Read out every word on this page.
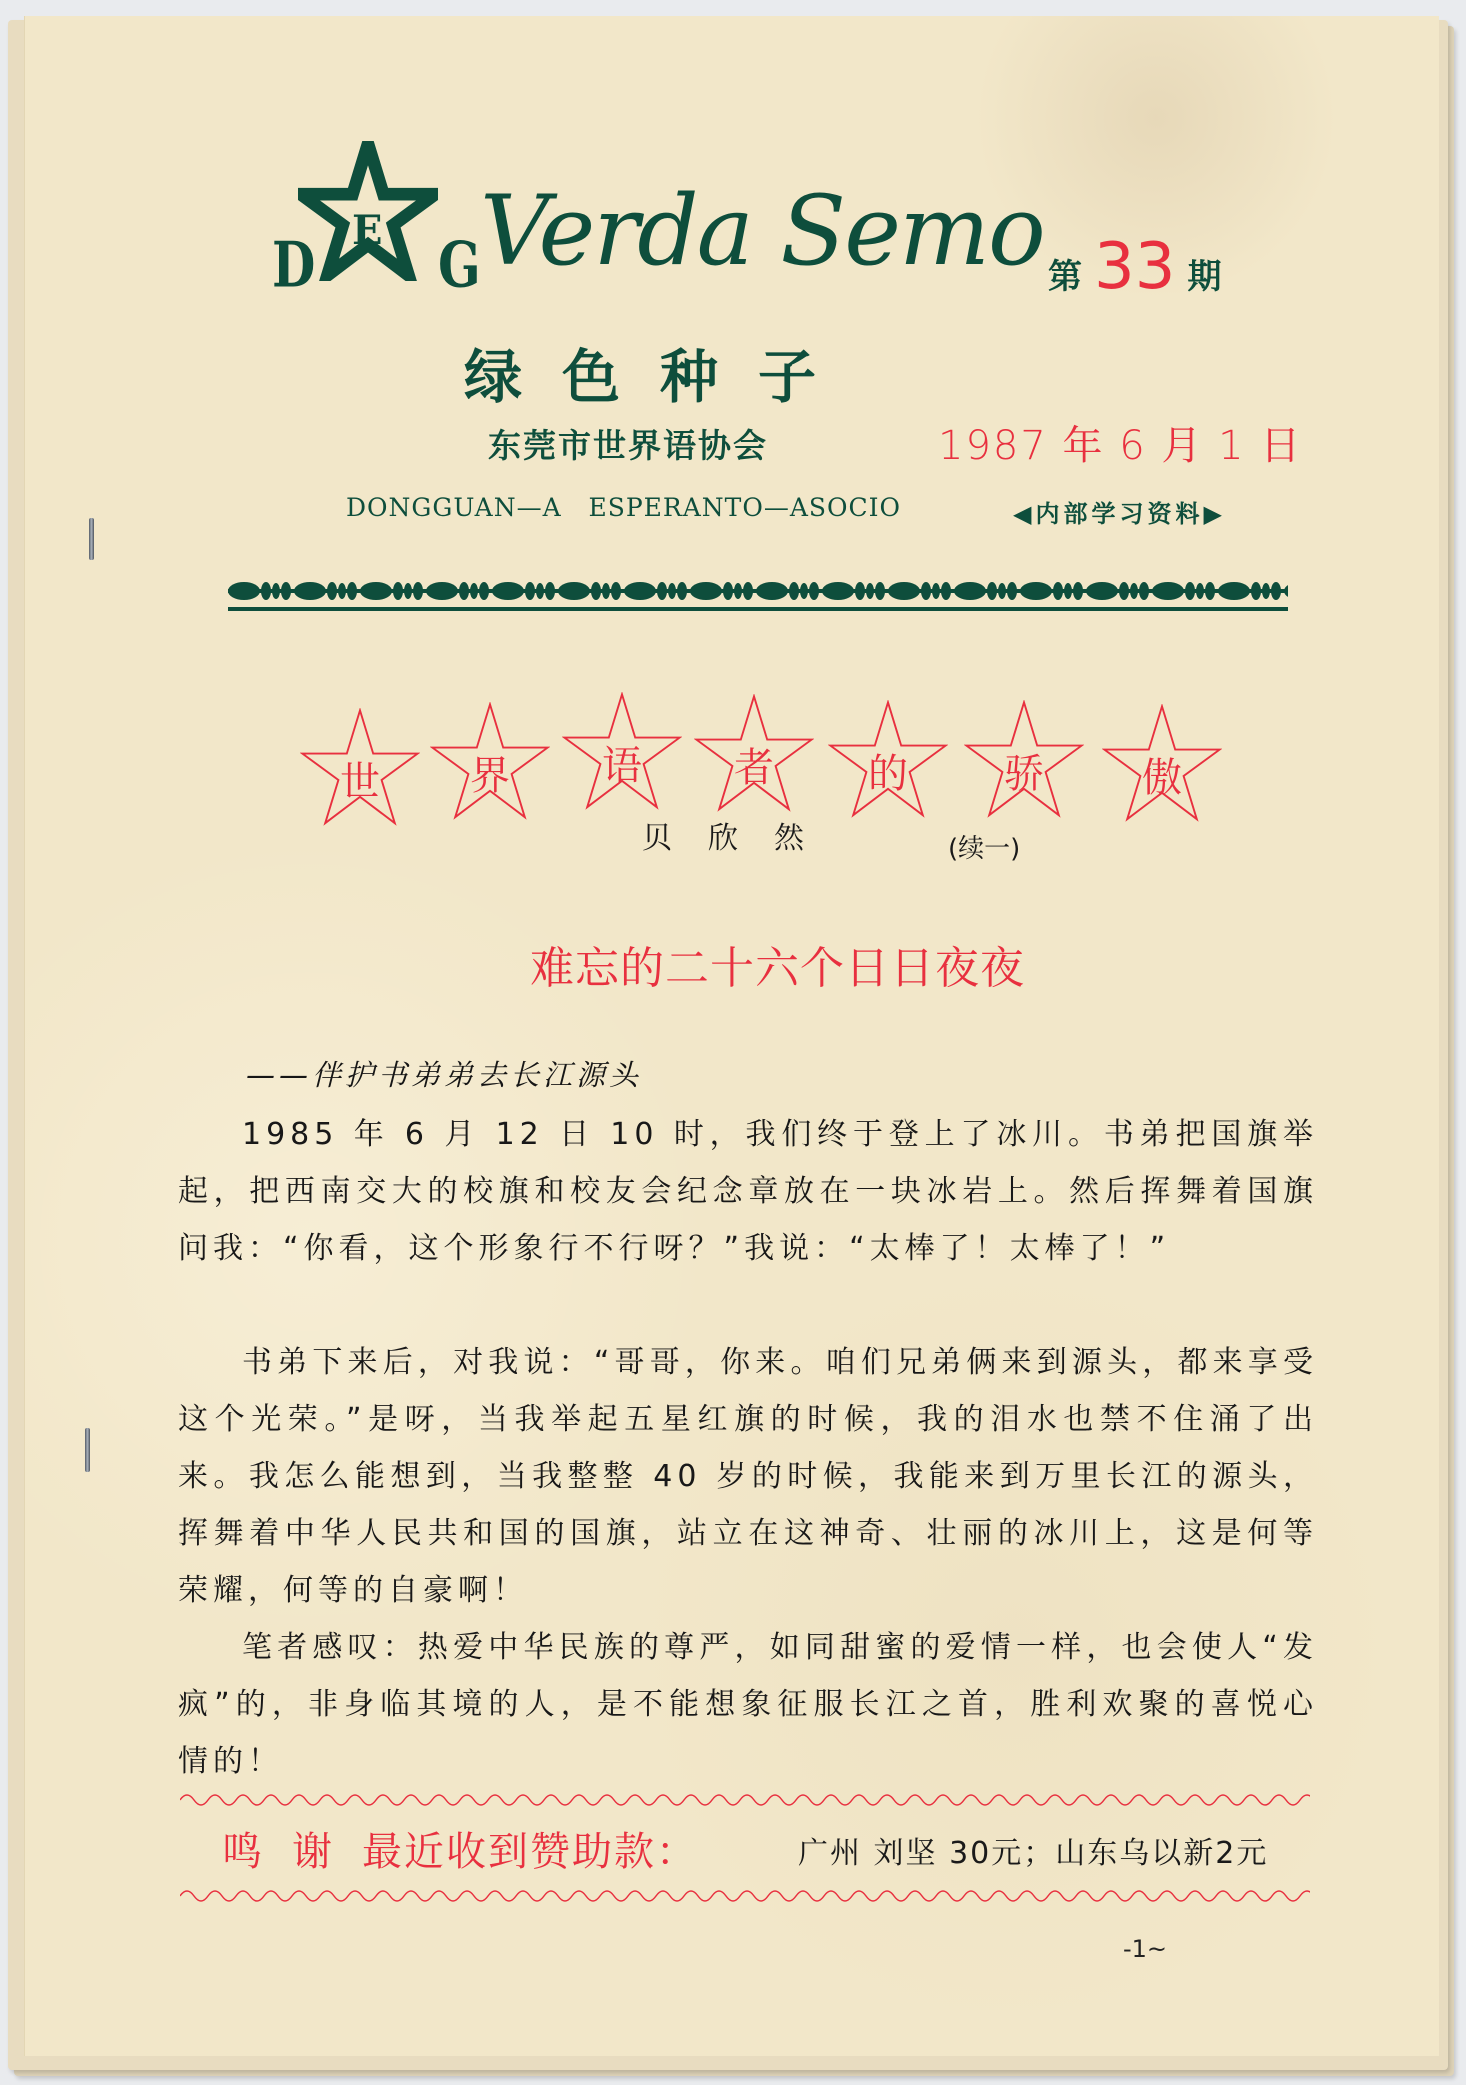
D E G Verda Semo
绿色种子
第 33 期
东莞市世界语协会	1987 年 6 月 1 日
DONGGUAN—A   ESPERANTO—ASOCIO	◀内部学习资料▶
世	界	语	者	的	骄	傲
贝欣然	(续一)
难忘的二十六个日日夜夜
——伴护书弟弟去长江源头

1985 年 6 月 12 日 10 时，我们终于登上了冰川。书弟把国旗举起，把西南交大的校旗和校友会纪念章放在一块冰岩上。然后挥舞着国旗问我：“你看，这个形象行不行呀？”我说：“太棒了！太棒了！”

书弟下来后，对我说：“哥哥，你来。咱们兄弟俩来到源头，都来享受这个光荣。”是呀，当我举起五星红旗的时候，我的泪水也禁不住涌了出来。我怎么能想到，当我整整 40 岁的时候，我能来到万里长江的源头，挥舞着中华人民共和国的国旗，站立在这神奇、壮丽的冰川上，这是何等荣耀，何等的自豪啊！

笔者感叹：热爱中华民族的尊严，如同甜蜜的爱情一样，也会使人“发疯”的，非身临其境的人，是不能想象征服长江之首，胜利欢聚的喜悦心情的！

鸣 谢 最近收到赞助款：	广州 刘坚 30元；山东乌以新2元
-1~
